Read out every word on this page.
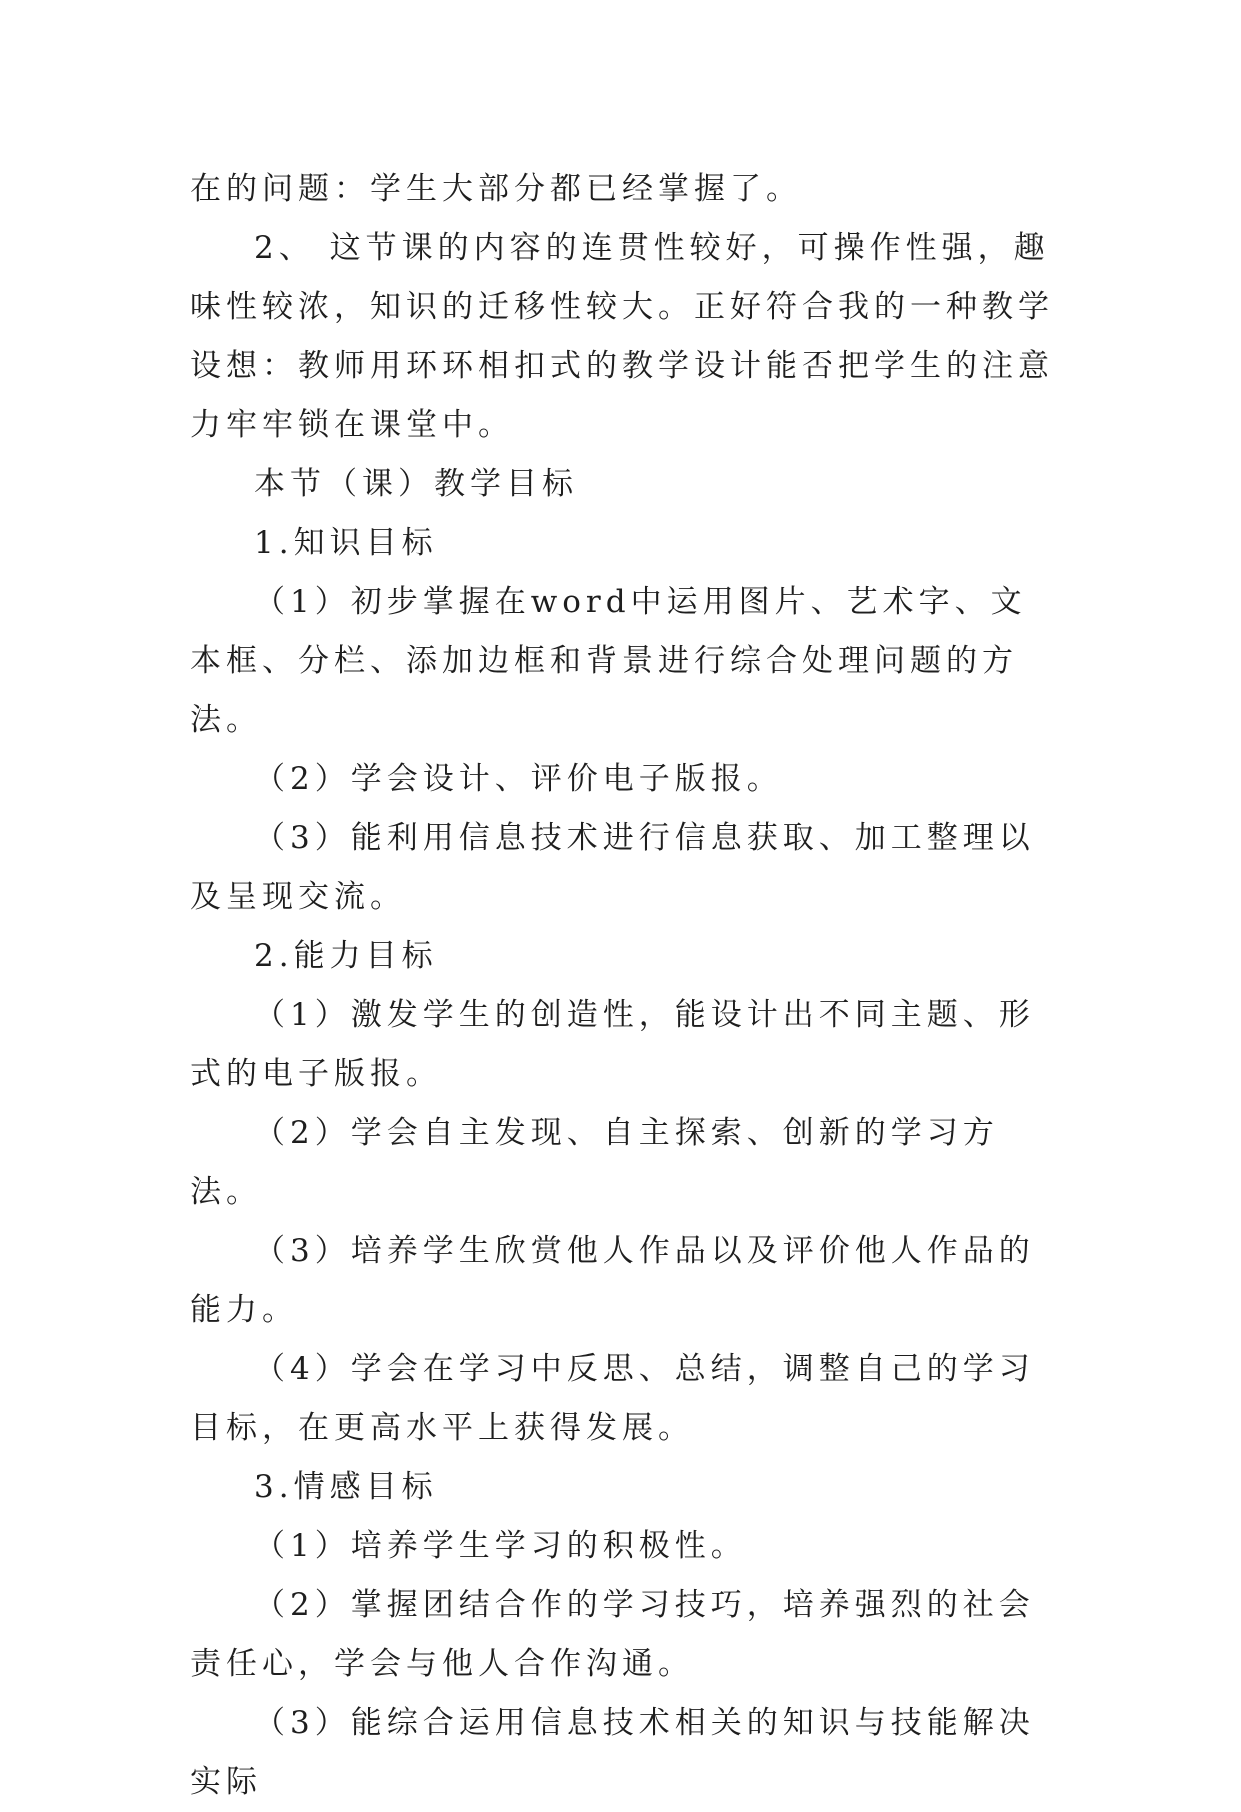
在的问题：学生大部分都已经掌握了。

2、 这节课的内容的连贯性较好，可操作性强，趣味性较浓，知识的迁移性较大。正好符合我的一种教学设想：教师用环环相扣式的教学设计能否把学生的注意力牢牢锁在课堂中。

本节（课）教学目标

1.知识目标

（1）初步掌握在word中运用图片、艺术字、文本框、分栏、添加边框和背景进行综合处理问题的方法。

（2）学会设计、评价电子版报。

（3）能利用信息技术进行信息获取、加工整理以及呈现交流。

2.能力目标

（1）激发学生的创造性，能设计出不同主题、形式的电子版报。

（2）学会自主发现、自主探索、创新的学习方法。

（3）培养学生欣赏他人作品以及评价他人作品的能力。

（4）学会在学习中反思、总结，调整自己的学习目标，在更高水平上获得发展。

3.情感目标

（1）培养学生学习的积极性。

（2）掌握团结合作的学习技巧，培养强烈的社会责任心，学会与他人合作沟通。

（3）能综合运用信息技术相关的知识与技能解决实际
